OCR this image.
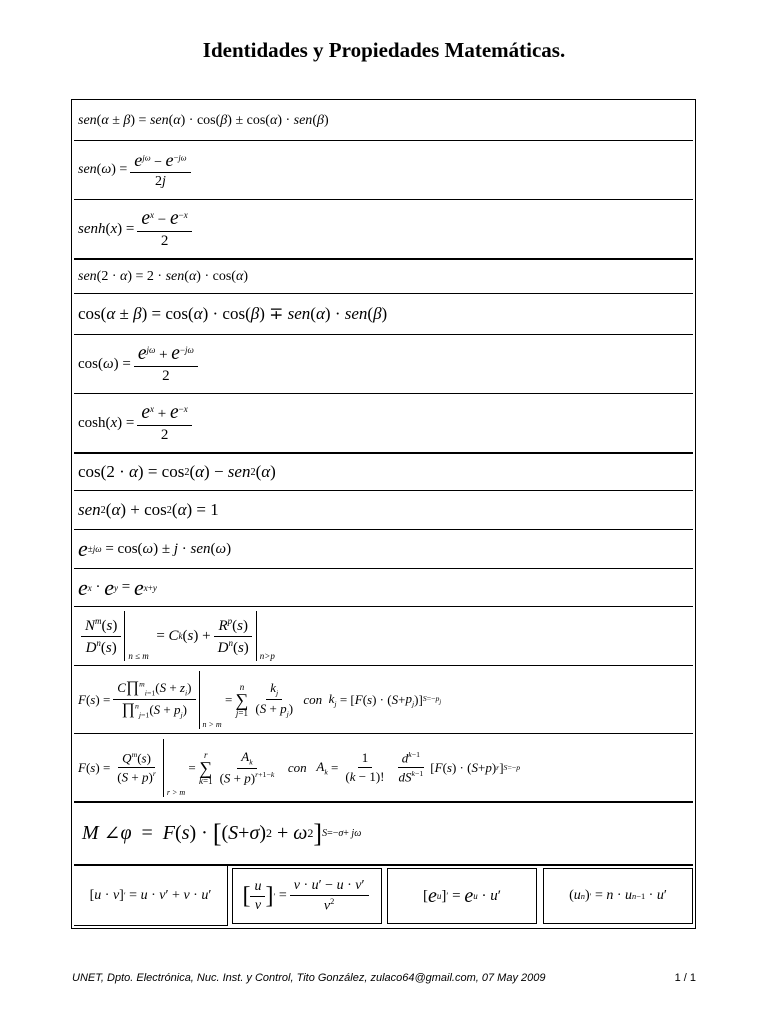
Identidades y Propiedades Matemáticas.
sen ( α ± β ) = sen ( α ) · cos( β ) ± cos( α ) · sen ( β )
sen ( ω ) = $\frac{e^{j\omega} - e^{-j\omega}}{2j}$
senh ( x ) = $\frac{e^x - e^{-x}}{2}$
sen (2 · α ) = 2 · sen ( α ) · cos( α )
cos( α ± β ) = cos( α ) · cos( β ) ∓ sen ( α ) · sen ( β )
cos( ω ) = $\frac{e^{j\omega} + e^{-j\omega}}{2}$
cosh( x ) = $\frac{e^x + e^{-x}}{2}$
cos(2 · α ) = cos 2 ( α ) − sen 2 ( α )
sen 2 ( α ) + cos 2 ( α ) = 1
e ±jω = cos( ω ) ± j · sen ( ω )
e x · e y = e x+y
$\frac{N^m(s)}{D^n(s)}$ n ≤ m
= C k ( s ) + $\frac{R^p(s)}{D^n(s)} n>p$
F ( s ) = $\frac{C\prod^m_{i=1}(S + z_i)}{\prod^n_{j=1}(S + p_j)}$
n > m
=
n
∑
$j=1 \frac{k_j}{(S + p_j)}$
con
$k_j$ = [ F ( s ) · ( $S + p_j$ )] $S=-p_j$
F ( s ) = $\frac{Q^m(s)}{(S + p)^r}$
r > m
=
r
∑
$k=1 \frac{A_k}{(S + p)^{r+1-k}}$
con
$A_k = \frac{1}{(k - 1)!} \frac{d^{k-1}}{dS^{k-1}}$ [ F ( s ) · ( S + p ) r ] S=−p
M ∠ φ = F ( s ) · [ ( S + σ ) 2 + ω 2 ] S=−σ+ jω
[ u · v ] ′ = u · v ′ + v · u ′	[ $\frac{u}{v}$ ] ′ = $\frac{v \cdot u' - u \cdot v'}{v^2}$	[ e u ] ′ = e u · u ′	( u n ) ′ = n · u n−1 · u ′
UNET, Dpto. Electrónica, Nuc. Inst. y Control, Tito González, zulaco64@gmail.com, 07 May 2009	1 / 1
